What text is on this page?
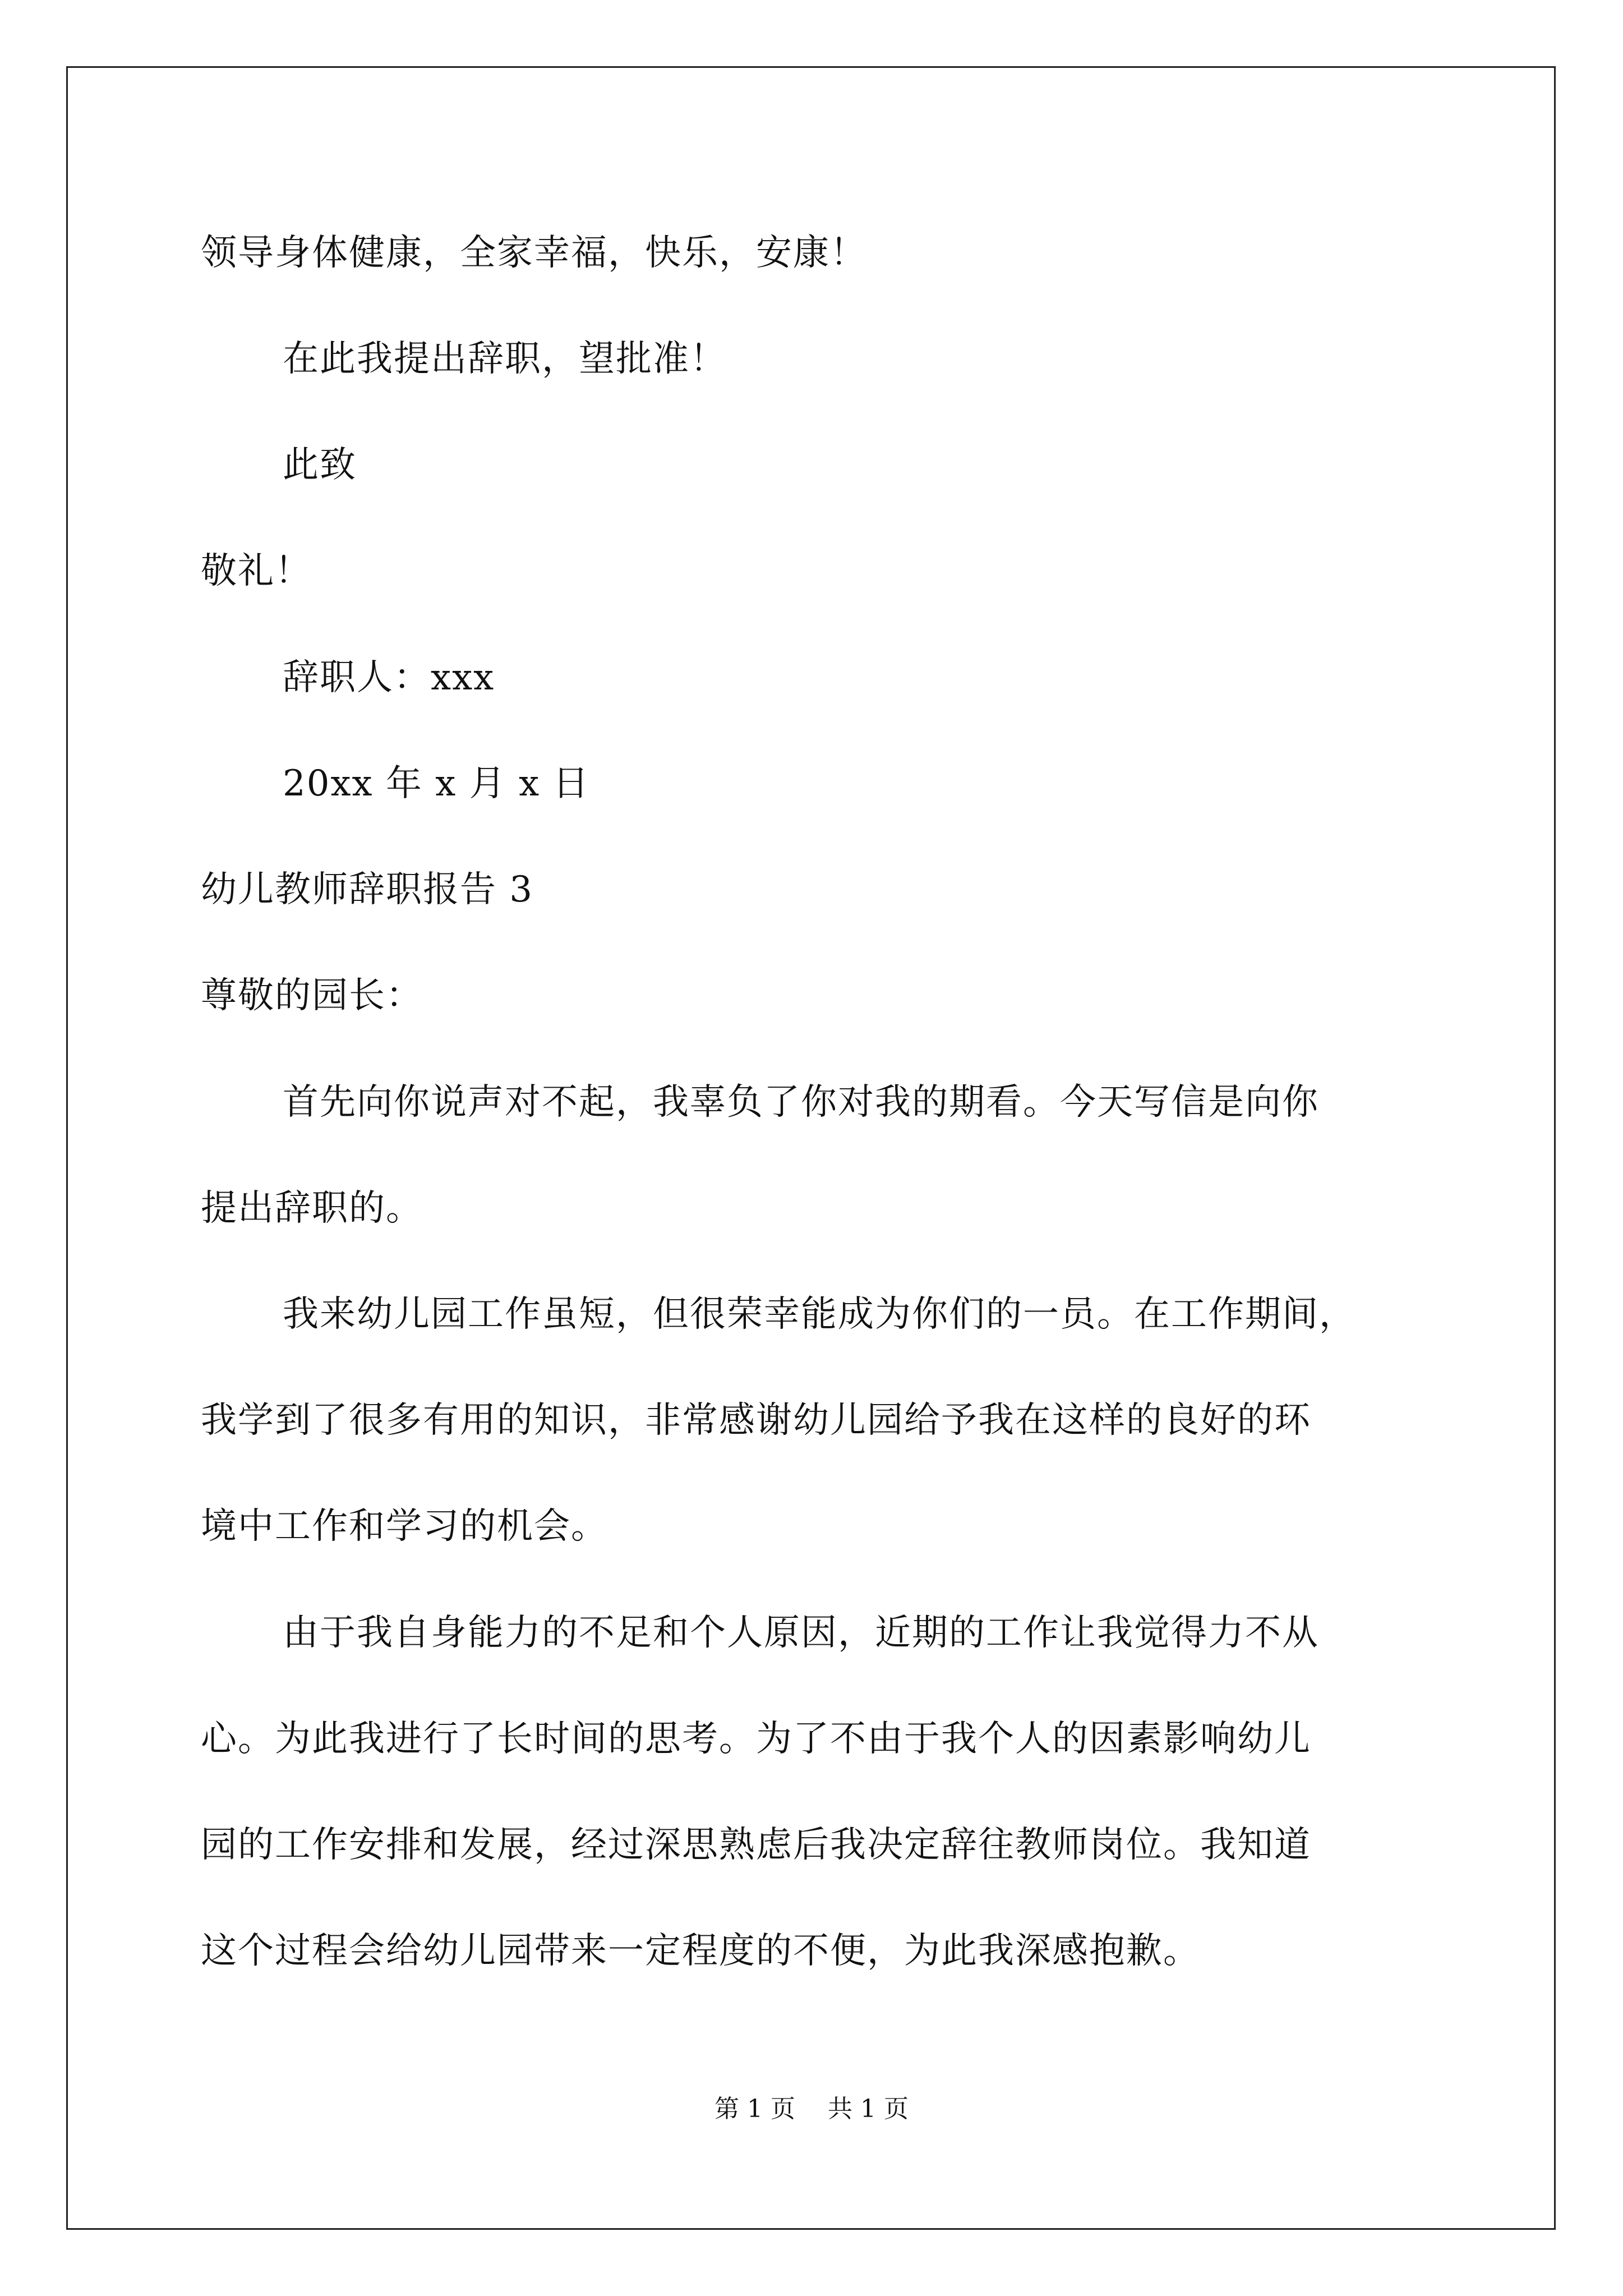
领导身体健康，全家幸福，快乐，安康！

在此我提出辞职，望批准！

此致

敬礼！

辞职人：xxx

20xx 年 x 月 x 日

幼儿教师辞职报告 3

尊敬的园长：

首先向你说声对不起，我辜负了你对我的期看。今天写信是向你

提出辞职的。

我来幼儿园工作虽短，但很荣幸能成为你们的一员。在工作期间，

我学到了很多有用的知识，非常感谢幼儿园给予我在这样的良好的环

境中工作和学习的机会。

由于我自身能力的不足和个人原因，近期的工作让我觉得力不从

心。为此我进行了长时间的思考。为了不由于我个人的因素影响幼儿

园的工作安排和发展，经过深思熟虑后我决定辞往教师岗位。我知道

这个过程会给幼儿园带来一定程度的不便，为此我深感抱歉。

第 1 页　 共 1 页
